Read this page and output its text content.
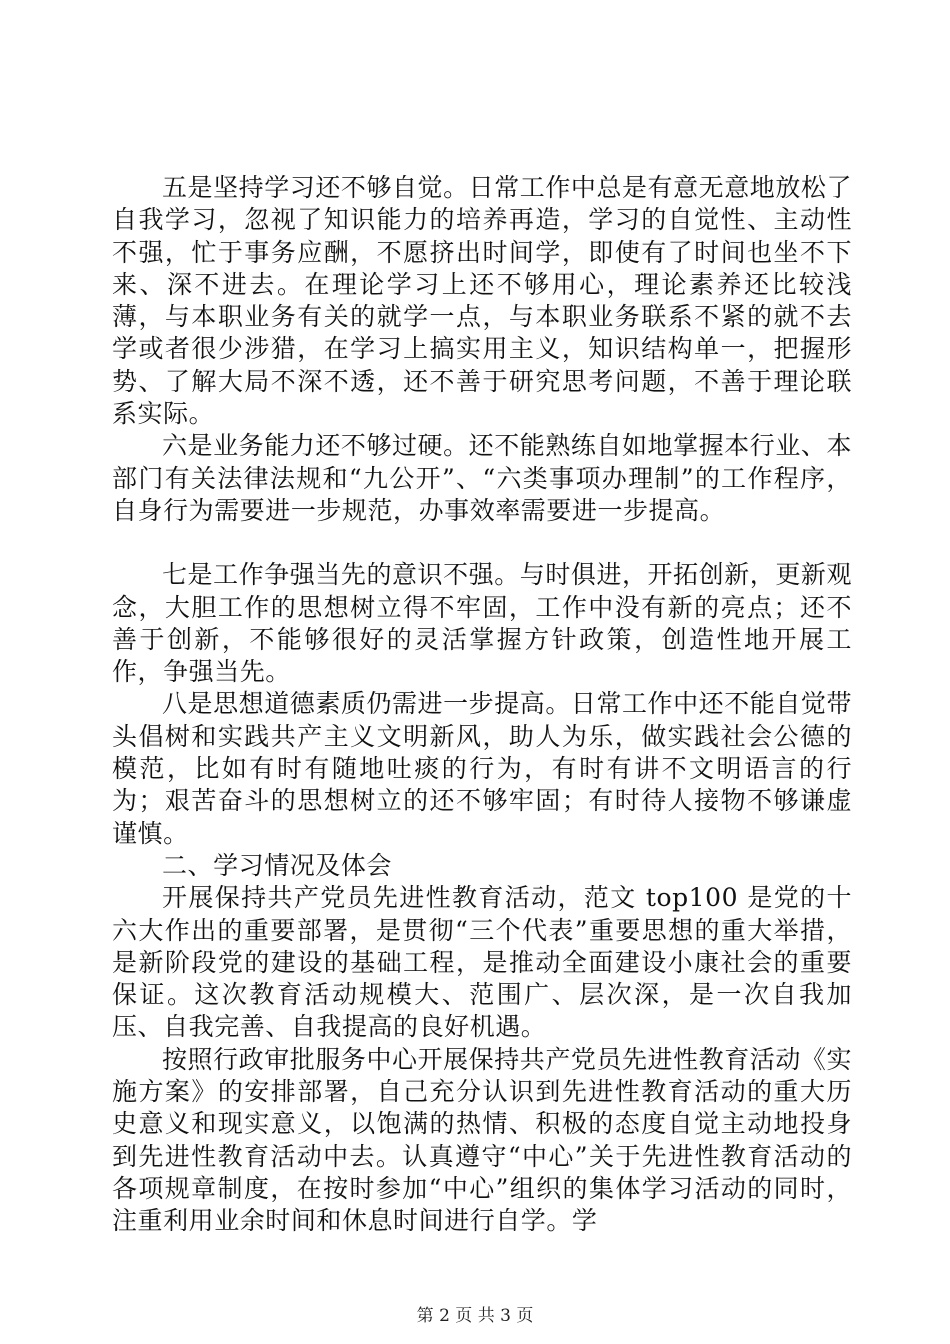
五是坚持学习还不够自觉。日常工作中总是有意无意地放松了自我学习，忽视了知识能力的培养再造，学习的自觉性、主动性不强，忙于事务应酬，不愿挤出时间学，即使有了时间也坐不下来、深不进去。在理论学习上还不够用心，理论素养还比较浅薄，与本职业务有关的就学一点，与本职业务联系不紧的就不去学或者很少涉猎，在学习上搞实用主义，知识结构单一，把握形势、了解大局不深不透，还不善于研究思考问题，不善于理论联系实际。

六是业务能力还不够过硬。还不能熟练自如地掌握本行业、本部门有关法律法规和“九公开”、“六类事项办理制”的工作程序，自身行为需要进一步规范，办事效率需要进一步提高。

七是工作争强当先的意识不强。与时俱进，开拓创新，更新观念，大胆工作的思想树立得不牢固，工作中没有新的亮点；还不善于创新，不能够很好的灵活掌握方针政策，创造性地开展工作，争强当先。

八是思想道德素质仍需进一步提高。日常工作中还不能自觉带头倡树和实践共产主义文明新风，助人为乐，做实践社会公德的模范，比如有时有随地吐痰的行为，有时有讲不文明语言的行为；艰苦奋斗的思想树立的还不够牢固；有时待人接物不够谦虚谨慎。

二、学习情况及体会

开展保持共产党员先进性教育活动，范文 top100 是党的十六大作出的重要部署，是贯彻“三个代表”重要思想的重大举措，是新阶段党的建设的基础工程，是推动全面建设小康社会的重要保证。这次教育活动规模大、范围广、层次深，是一次自我加压、自我完善、自我提高的良好机遇。

按照行政审批服务中心开展保持共产党员先进性教育活动《实施方案》的安排部署，自己充分认识到先进性教育活动的重大历史意义和现实意义，以饱满的热情、积极的态度自觉主动地投身到先进性教育活动中去。认真遵守“中心”关于先进性教育活动的各项规章制度，在按时参加“中心”组织的集体学习活动的同时，注重利用业余时间和休息时间进行自学。学

第 2 页 共 3 页
